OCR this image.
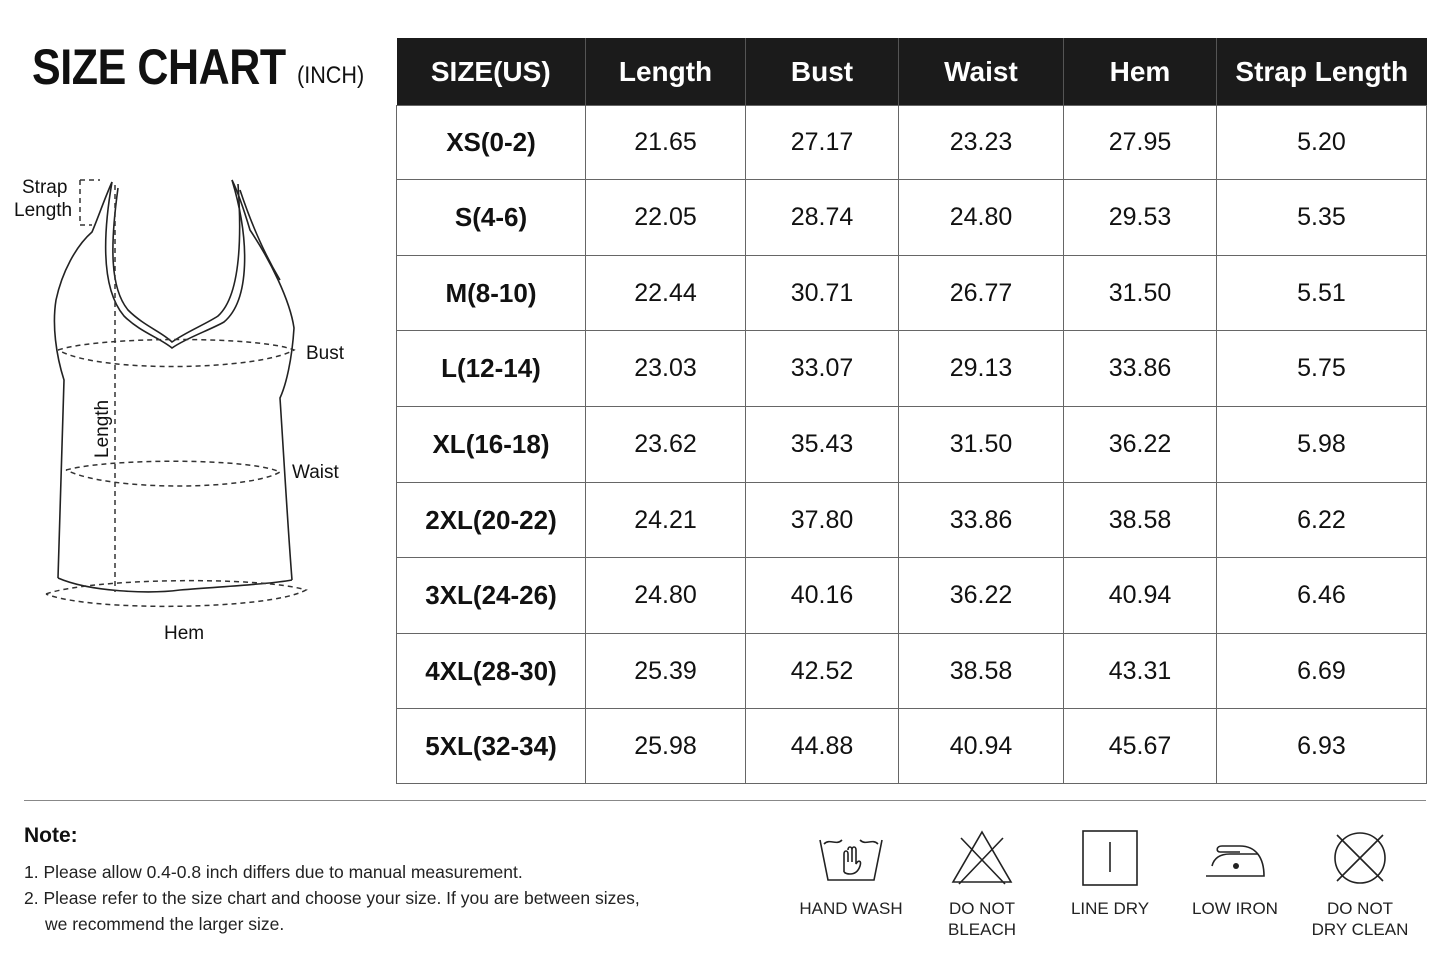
SIZE CHART (INCH)
Strap
Length
Bust
Length
Waist
Hem
SIZE(US)	Length	Bust	Waist	Hem	Strap Length
XS(0-2)	21.65	27.17	23.23	27.95	5.20
S(4-6)	22.05	28.74	24.80	29.53	5.35
M(8-10)	22.44	30.71	26.77	31.50	5.51
L(12-14)	23.03	33.07	29.13	33.86	5.75
XL(16-18)	23.62	35.43	31.50	36.22	5.98
2XL(20-22)	24.21	37.80	33.86	38.58	6.22
3XL(24-26)	24.80	40.16	36.22	40.94	6.46
4XL(28-30)	25.39	42.52	38.58	43.31	6.69
5XL(32-34)	25.98	44.88	40.94	45.67	6.93
Note:
1. Please allow 0.4-0.8 inch differs due to manual measurement.
2. Please refer to the size chart and choose your size. If you are between sizes,
we recommend the larger size.
HAND WASH	DO NOT
BLEACH
LINE DRY	LOW IRON	DO NOT
DRY CLEAN
